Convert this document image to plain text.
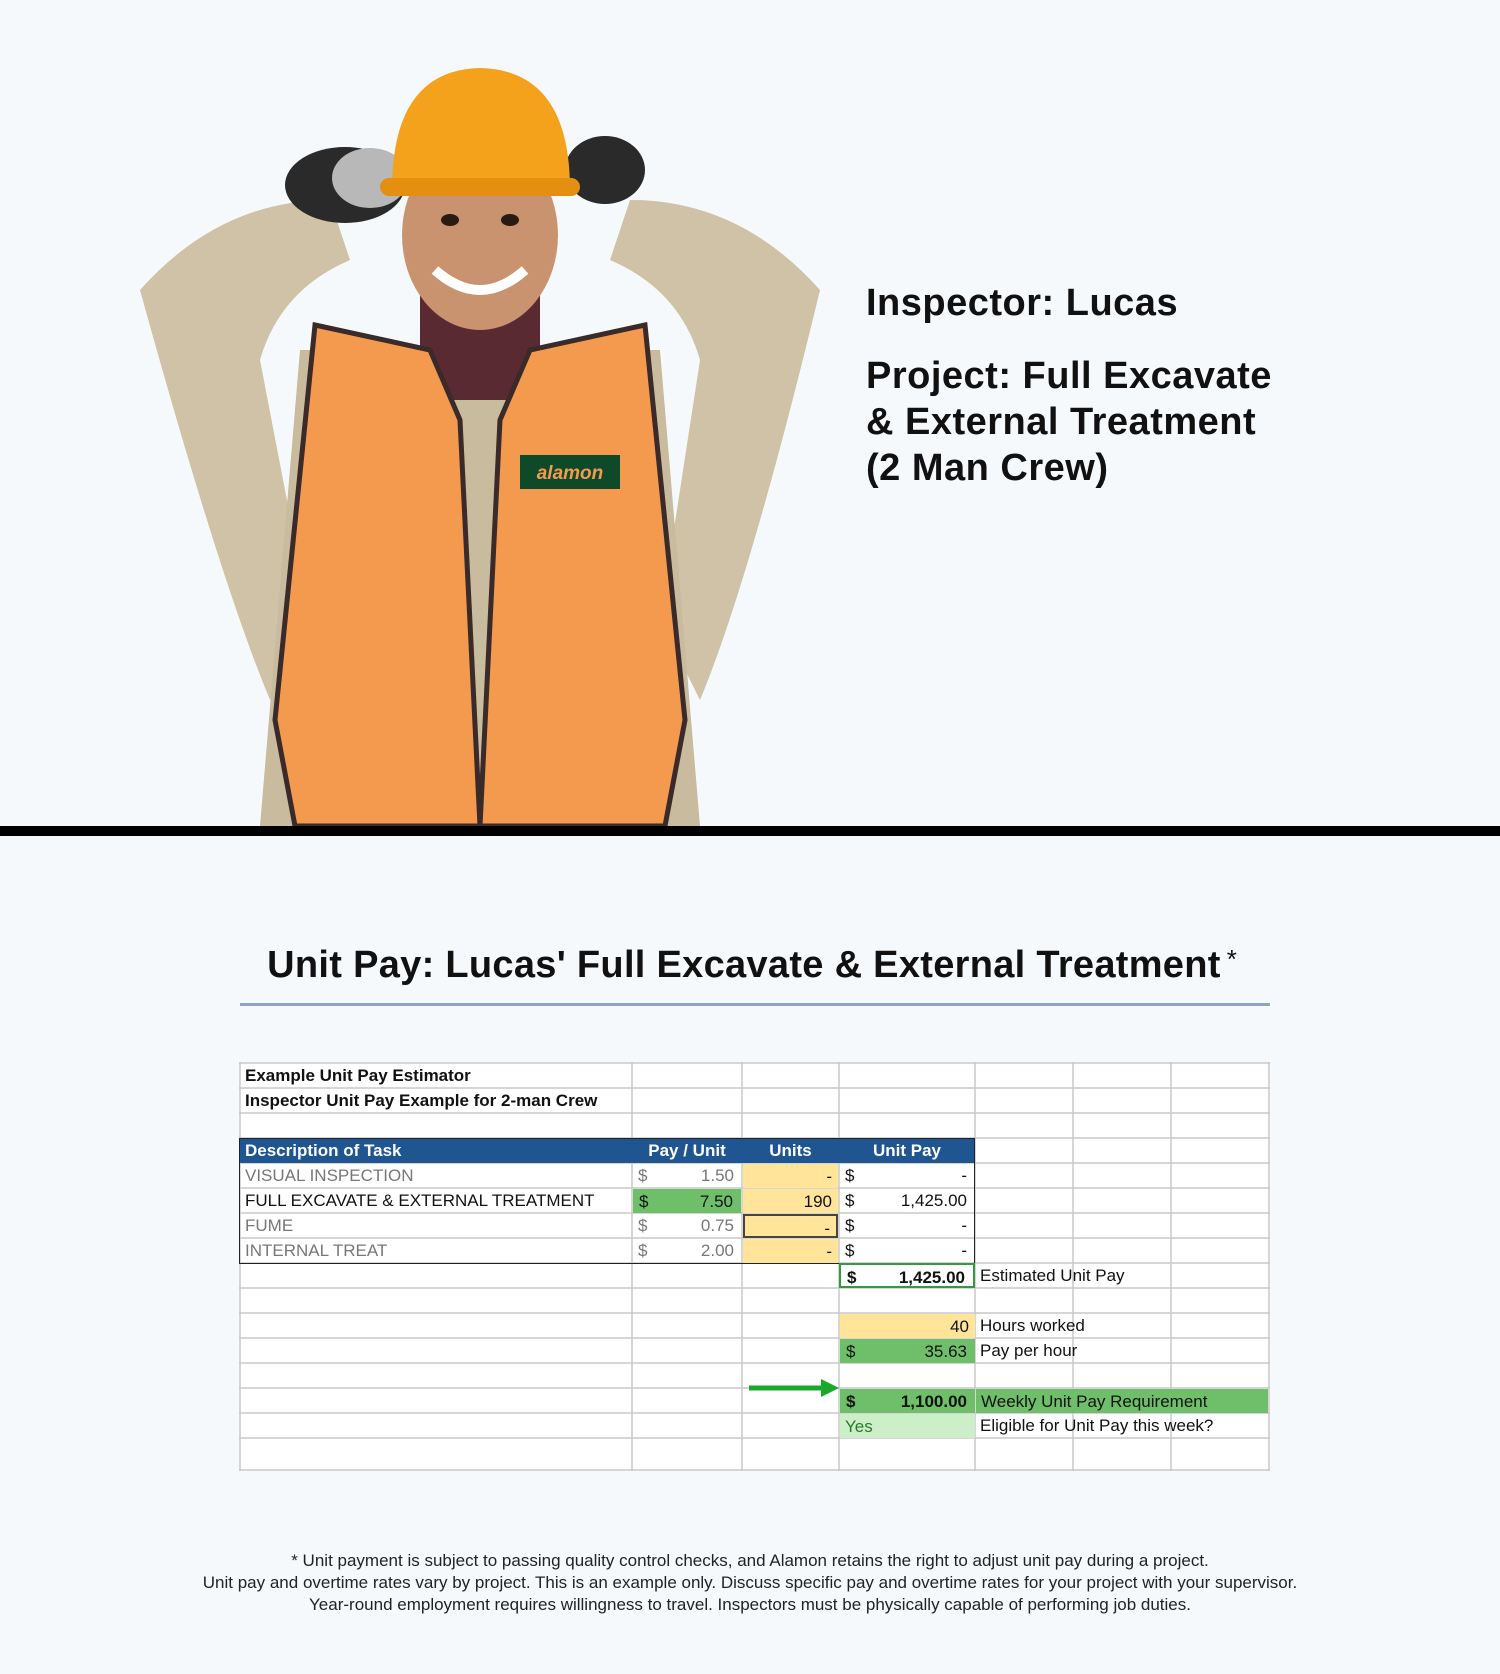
alamon

Inspector: Lucas

Project: Full Excavate
& External Treatment
(2 Man Crew)

Unit Pay: Lucas' Full Excavate & External Treatment *
Example Unit Pay Estimator
Inspector Unit Pay Example for 2-man Crew
Description of Task	Pay / Unit	Units	Unit Pay
VISUAL INSPECTION	$	1.50	- $	-
FULL EXCAVATE & EXTERNAL TREATMENT	$	7.50	190 $	1,425.00
FUME	$	0.75	- $	-
INTERNAL TREAT	$	2.00	- $	-
$ 1,425.00 Estimated Unit Pay
40 Hours worked
$	35.63 Pay per hour
$	1,100.00 Weekly Unit Pay Requirement
Yes	Eligible for Unit Pay this week?
* Unit payment is subject to passing quality control checks, and Alamon retains the right to adjust unit pay during a project.
Unit pay and overtime rates vary by project. This is an example only. Discuss specific pay and overtime rates for your project with your supervisor.
Year-round employment requires willingness to travel. Inspectors must be physically capable of performing job duties.
